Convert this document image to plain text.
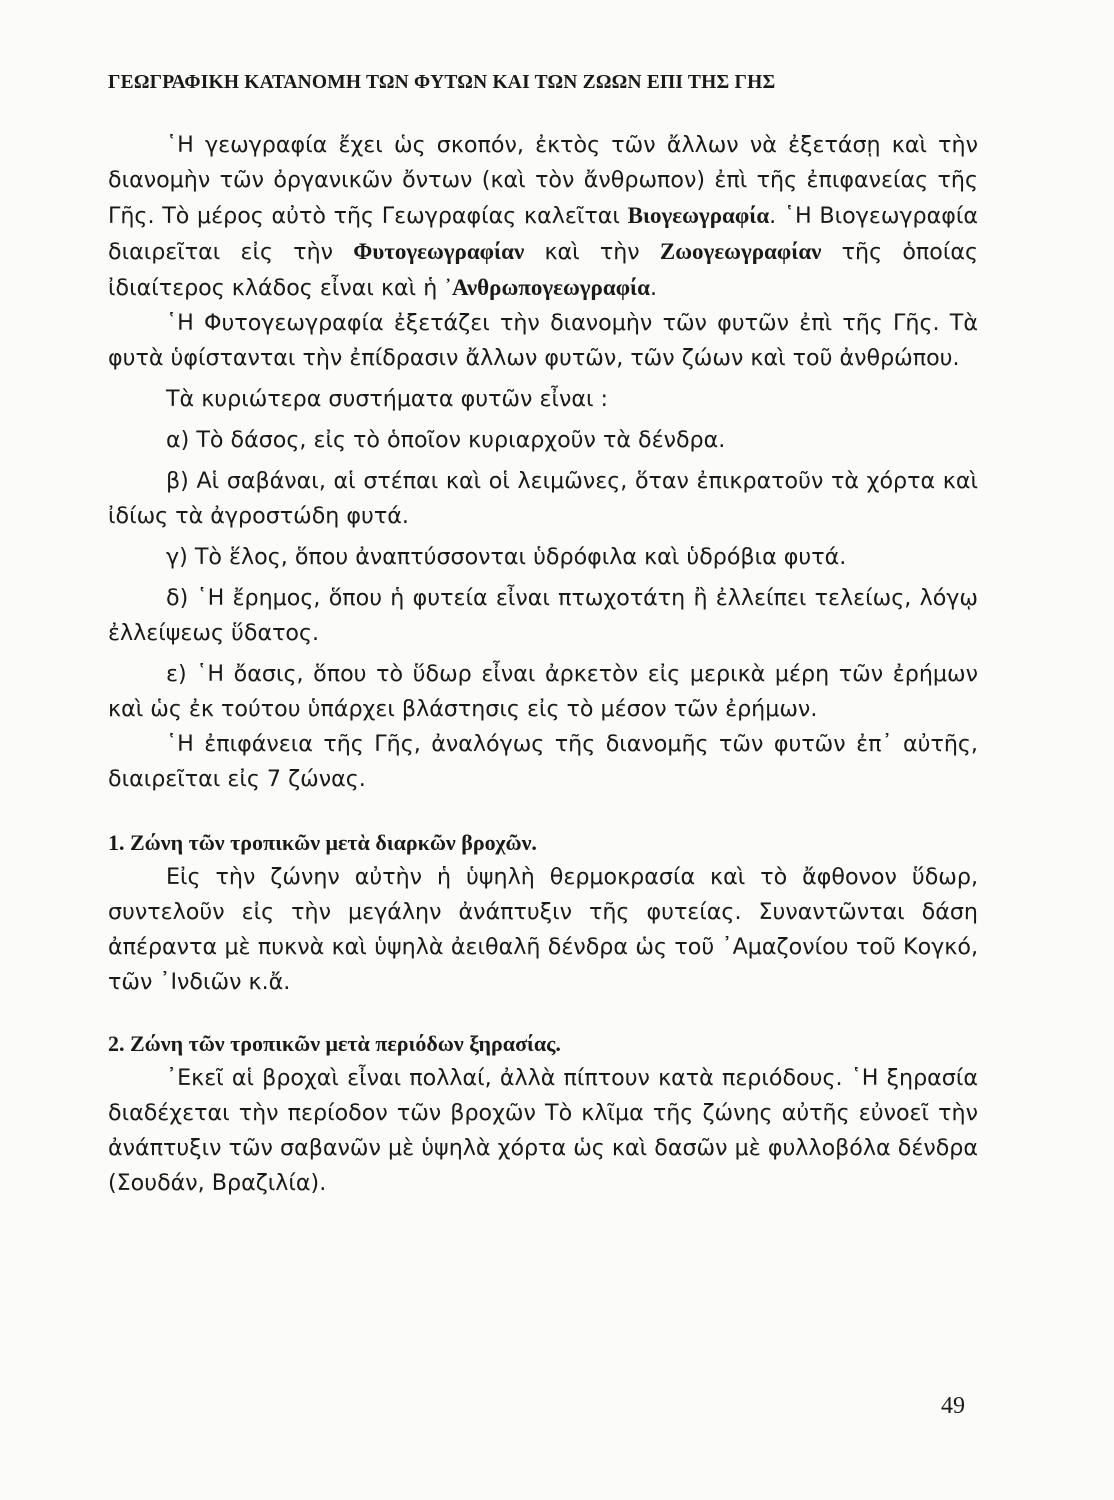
ΓΕΩΓΡΑΦΙΚΗ ΚΑΤΑΝΟΜΗ ΤΩΝ ΦΥΤΩΝ ΚΑΙ ΤΩΝ ΖΩΩΝ ΕΠΙ ΤΗΣ ΓΗΣ

῾Η γεωγραφία ἔχει ὡς σκοπόν, ἐκτὸς τῶν ἄλλων νὰ ἐξετάσῃ καὶ τὴν διανομὴν τῶν ὀργανικῶν ὄντων (καὶ τὸν ἄνθρωπον) ἐπὶ τῆς ἐπιφανείας τῆς Γῆς. Τὸ μέρος αὐτὸ τῆς Γεωγραφίας καλεῖται Βιογεωγραφία. ῾Η Βιογεωγραφία διαιρεῖται εἰς τὴν Φυτογεωγραφίαν καὶ τὴν Ζωογεωγραφίαν τῆς ὁποίας ἰδιαίτερος κλάδος εἶναι καὶ ἡ ᾿Ανθρωπογεωγραφία.

῾Η Φυτογεωγραφία ἐξετάζει τὴν διανομὴν τῶν φυτῶν ἐπὶ τῆς Γῆς. Τὰ φυτὰ ὑφίστανται τὴν ἐπίδρασιν ἄλλων φυτῶν, τῶν ζώων καὶ τοῦ ἀνθρώπου.

Τὰ κυριώτερα συστήματα φυτῶν εἶναι :

α) Τὸ δάσος, εἰς τὸ ὁποῖον κυριαρχοῦν τὰ δένδρα.

β) Αἱ σαβάναι, αἱ στέπαι καὶ οἱ λειμῶνες, ὅταν ἐπικρατοῦν τὰ χόρτα καὶ ἰδίως τὰ ἀγροστώδη φυτά.

γ) Τὸ ἕλος, ὅπου ἀναπτύσσονται ὑδρόφιλα καὶ ὑδρόβια φυτά.

δ) ῾Η ἔρημος, ὅπου ἡ φυτεία εἶναι πτωχοτάτη ἢ ἐλλείπει τελείως, λόγῳ ἐλλείψεως ὕδατος.

ε) ῾Η ὄασις, ὅπου τὸ ὕδωρ εἶναι ἀρκετὸν εἰς μερικὰ μέρη τῶν ἐρήμων καὶ ὡς ἐκ τούτου ὑπάρχει βλάστησις εἰς τὸ μέσον τῶν ἐρήμων.

῾Η ἐπιφάνεια τῆς Γῆς, ἀναλόγως τῆς διανομῆς τῶν φυτῶν ἐπ᾿ αὐτῆς, διαιρεῖται εἰς 7 ζώνας.

1. Ζώνη τῶν τροπικῶν μετὰ διαρκῶν βροχῶν.

Εἰς τὴν ζώνην αὐτὴν ἡ ὑψηλὴ θερμοκρασία καὶ τὸ ἄφθονον ὕδωρ, συντελοῦν εἰς τὴν μεγάλην ἀνάπτυξιν τῆς φυτείας. Συναντῶνται δάση ἀπέραντα μὲ πυκνὰ καὶ ὑψηλὰ ἀειθαλῆ δένδρα ὡς τοῦ ᾿Αμαζονίου τοῦ Κογκό, τῶν ᾿Ινδιῶν κ.ἄ.

2. Ζώνη τῶν τροπικῶν μετὰ περιόδων ξηρασίας.

᾿Εκεῖ αἱ βροχαὶ εἶναι πολλαί, ἀλλὰ πίπτουν κατὰ περιόδους. ῾Η ξηρασία διαδέχεται τὴν περίοδον τῶν βροχῶν Τὸ κλῖμα τῆς ζώνης αὐτῆς εὐνοεῖ τὴν ἀνάπτυξιν τῶν σαβανῶν μὲ ὑψηλὰ χόρτα ὡς καὶ δασῶν μὲ φυλλοβόλα δένδρα (Σουδάν, Βραζιλία).

49
